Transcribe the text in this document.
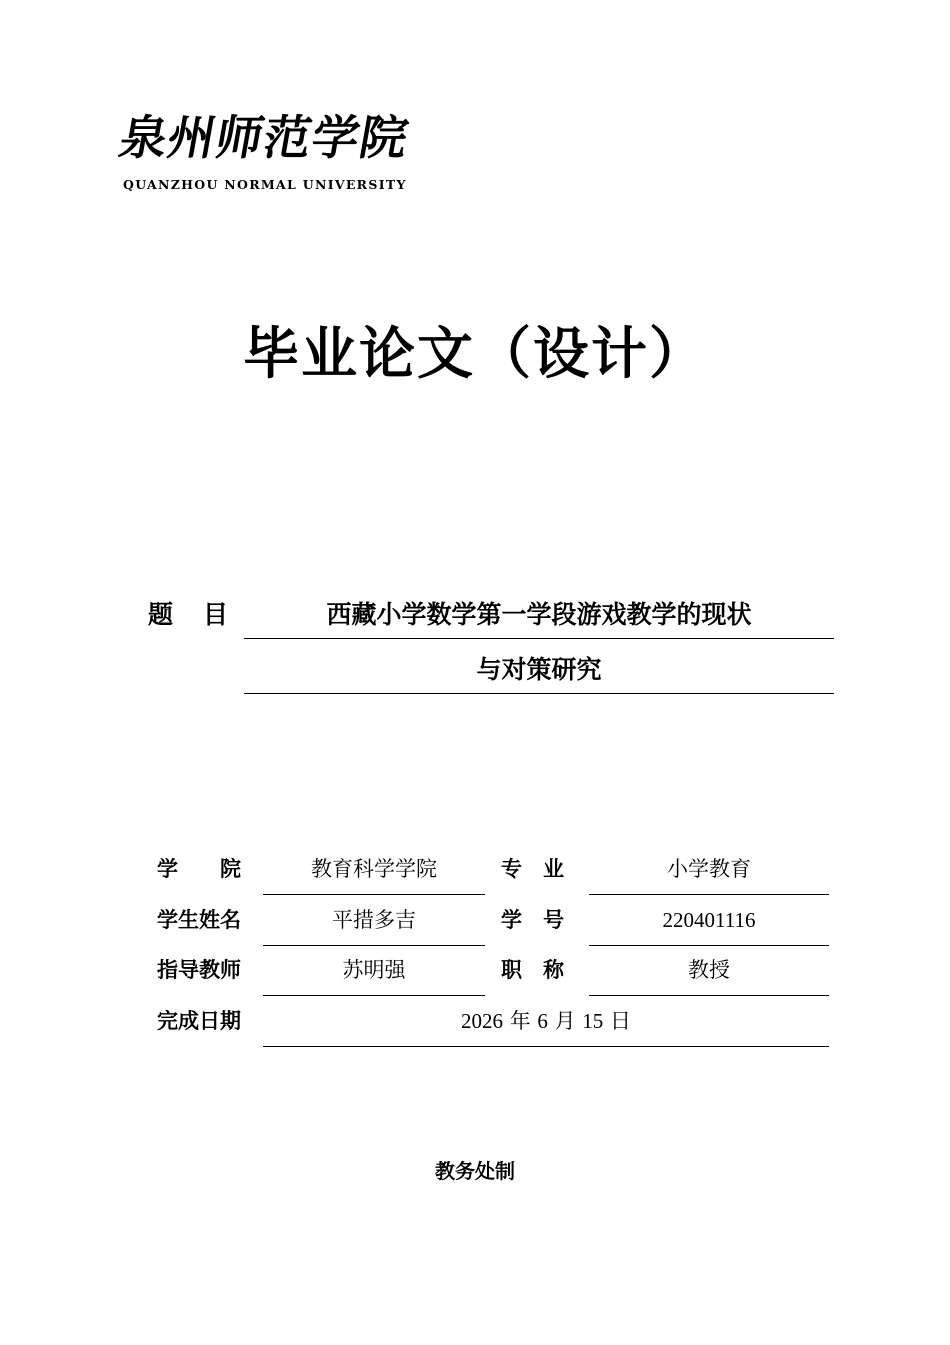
泉州师范学院
QUANZHOU NORMAL UNIVERSITY
毕业论文（设计）
题 目	西藏小学数学第一学段游戏教学的现状
与对策研究
学　　院	教育科学学院	专　业	小学教育
学生姓名	平措多吉	学　号	220401116
指导教师	苏明强	职　称	教授
完成日期	2026 年 6 月 15 日
教务处制
